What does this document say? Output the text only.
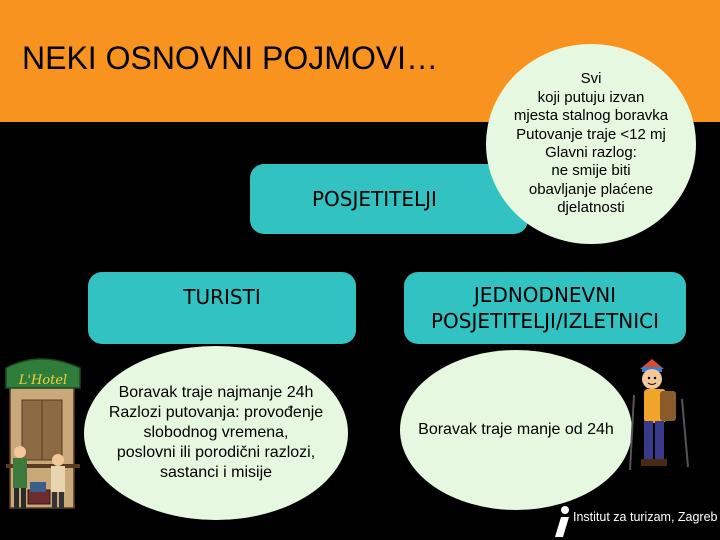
NEKI OSNOVNI POJMOVI…
POSJETITELJI
TURISTI	JEDNODNEVNI
POSJETITELJI/IZLETNICI
Svi
koji putuju izvan
mjesta stalnog boravka
Putovanje traje <12 mj
Glavni razlog:
ne smije biti
obavljanje plaćene
djelatnosti
Boravak traje najmanje 24h
Razlozi putovanja: provođenje
slobodnog vremena,
poslovni ili porodični razlozi,
sastanci i misije
Boravak traje manje od 24h
L'Hotel
Institut za turizam, Zagreb
